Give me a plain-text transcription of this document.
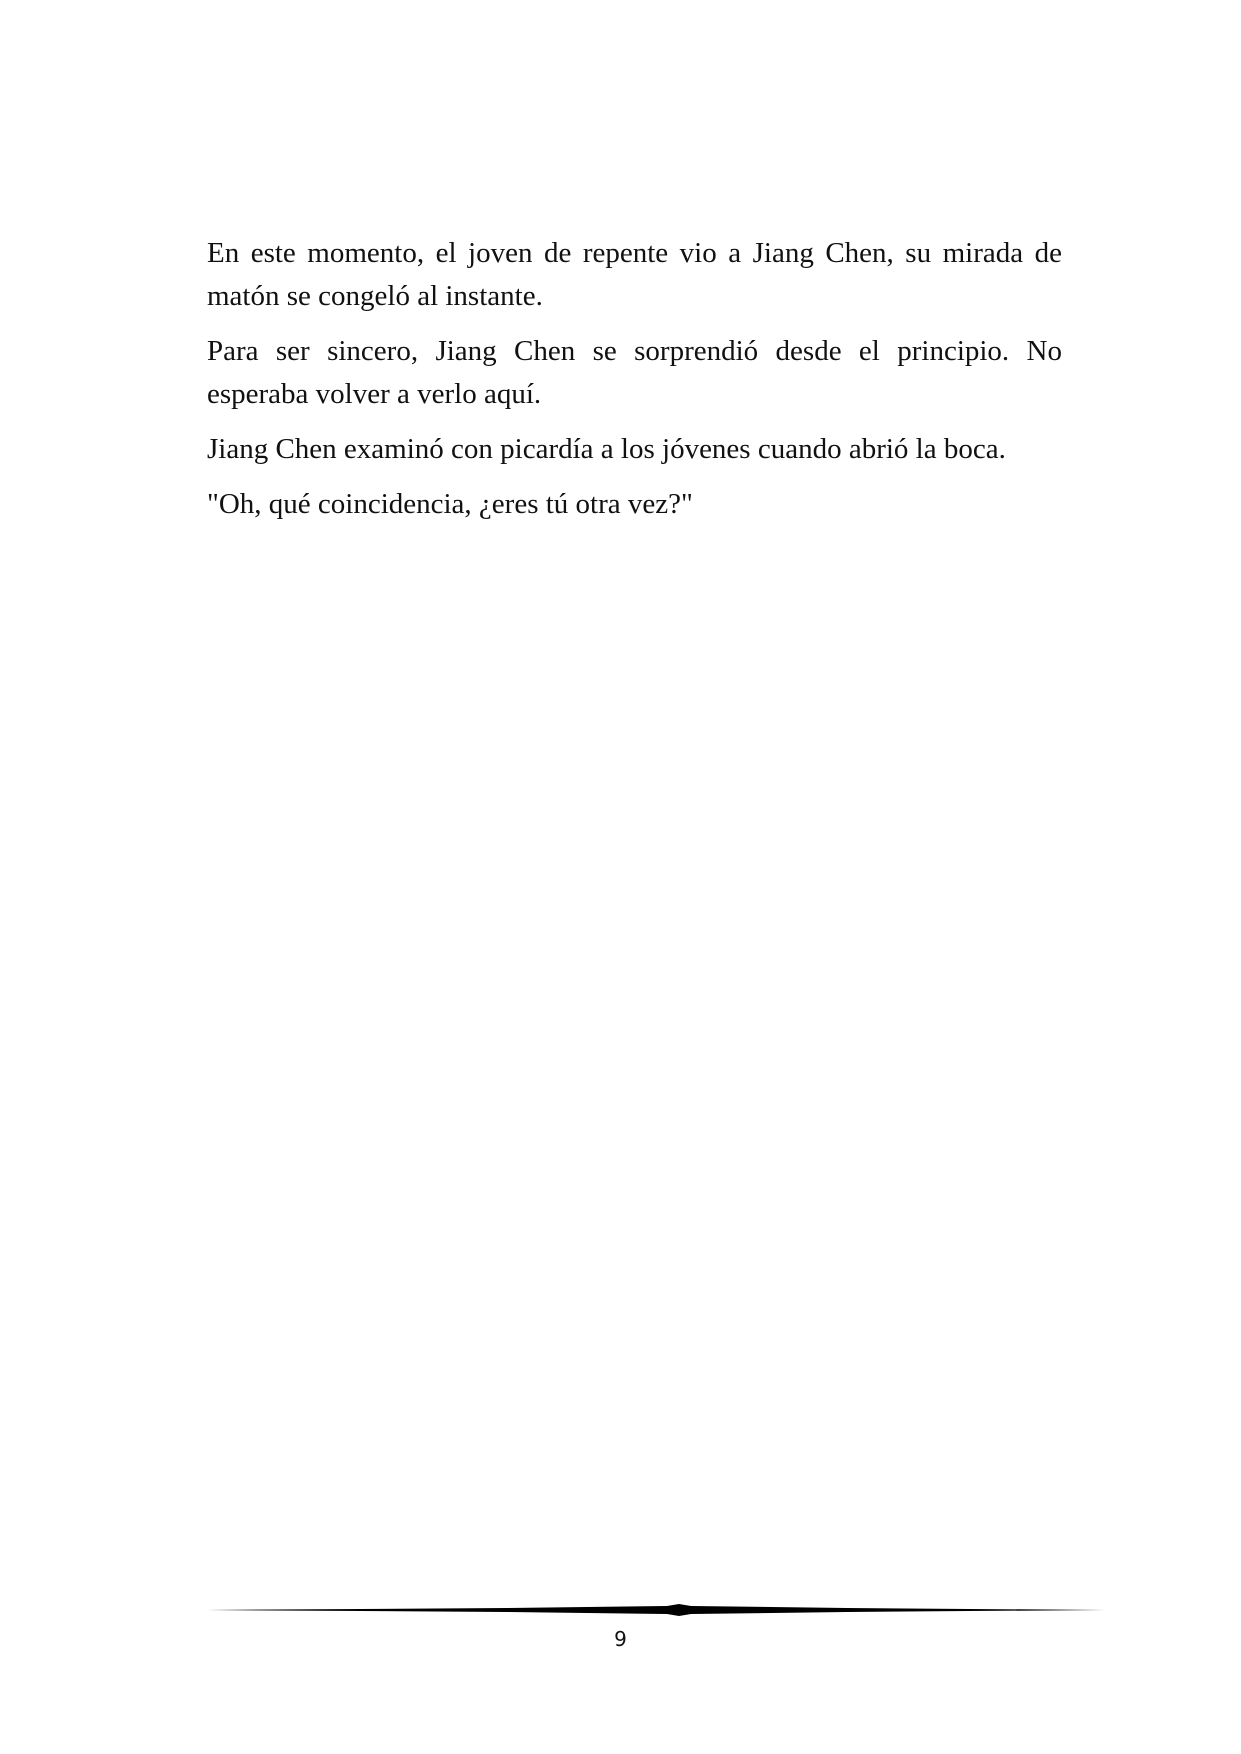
En este momento, el joven de repente vio a Jiang Chen, su mirada de matón se congeló al instante.

Para ser sincero, Jiang Chen se sorprendió desde el principio. No esperaba volver a verlo aquí.

Jiang Chen examinó con picardía a los jóvenes cuando abrió la boca.

"Oh, qué coincidencia, ¿eres tú otra vez?"

9
